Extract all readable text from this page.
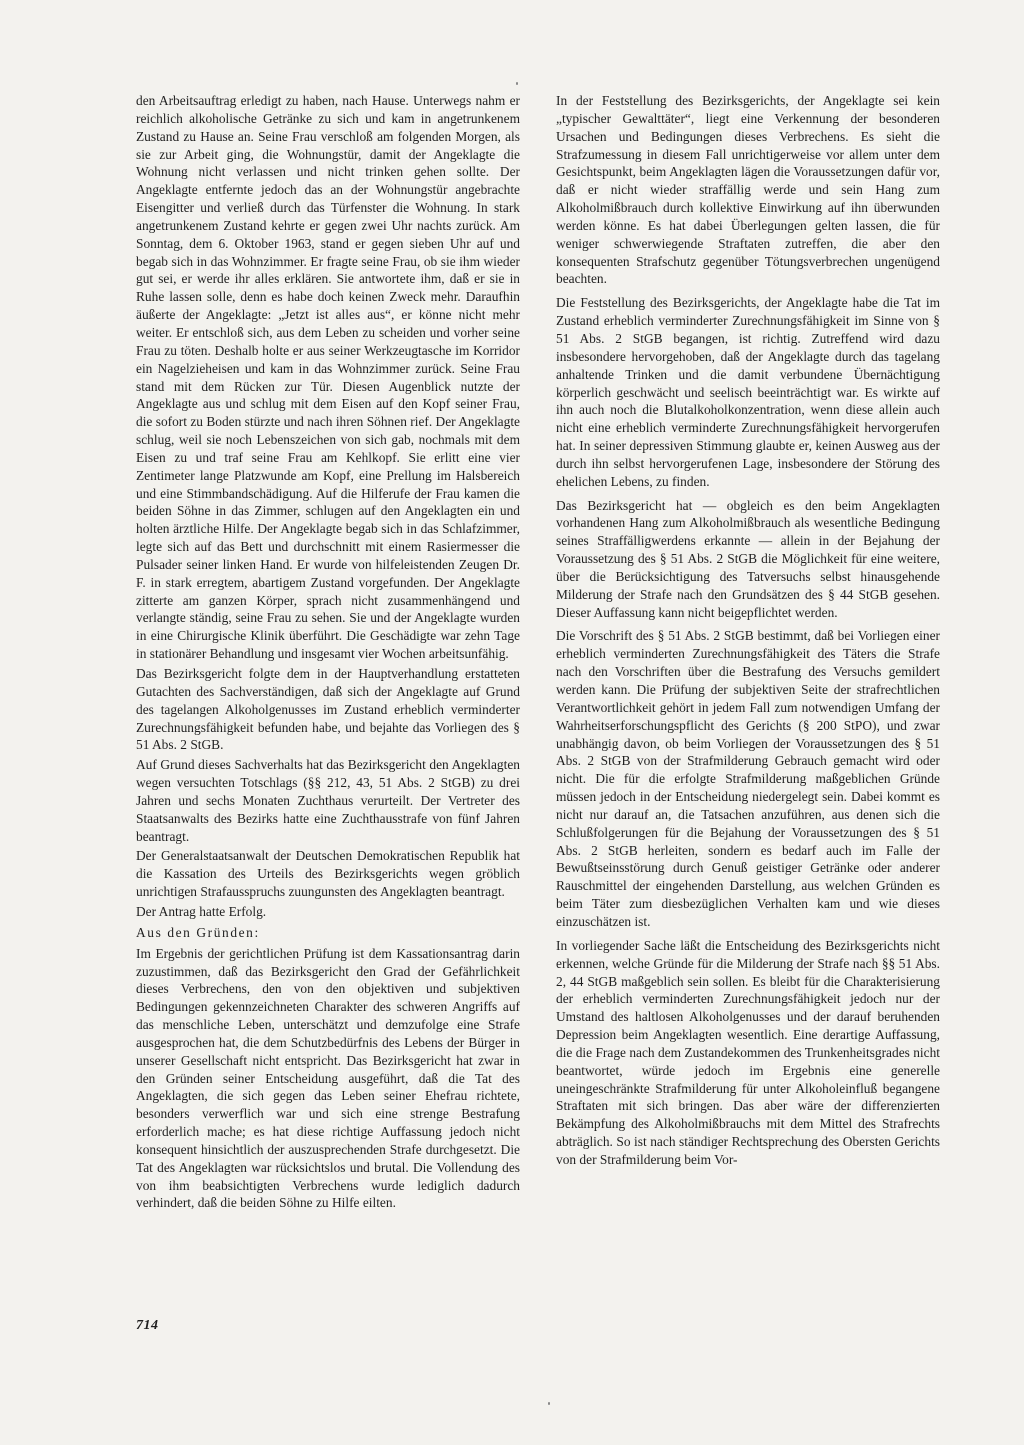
den Arbeitsauftrag erledigt zu haben, nach Hause. Unterwegs nahm er reichlich alkoholische Getränke zu sich und kam in angetrunkenem Zustand zu Hause an. Seine Frau verschloß am folgenden Morgen, als sie zur Arbeit ging, die Wohnungstür, damit der Angeklagte die Wohnung nicht verlassen und nicht trinken gehen sollte. Der Angeklagte entfernte jedoch das an der Wohnungstür angebrachte Eisengitter und verließ durch das Türfenster die Wohnung. In stark angetrunkenem Zustand kehrte er gegen zwei Uhr nachts zurück. Am Sonntag, dem 6. Oktober 1963, stand er gegen sieben Uhr auf und begab sich in das Wohnzimmer. Er fragte seine Frau, ob sie ihm wieder gut sei, er werde ihr alles erklären. Sie antwortete ihm, daß er sie in Ruhe lassen solle, denn es habe doch keinen Zweck mehr. Daraufhin äußerte der Angeklagte: „Jetzt ist alles aus“, er könne nicht mehr weiter. Er entschloß sich, aus dem Leben zu scheiden und vorher seine Frau zu töten. Deshalb holte er aus seiner Werkzeugtasche im Korridor ein Nagelzieheisen und kam in das Wohnzimmer zurück. Seine Frau stand mit dem Rücken zur Tür. Diesen Augenblick nutzte der Angeklagte aus und schlug mit dem Eisen auf den Kopf seiner Frau, die sofort zu Boden stürzte und nach ihren Söhnen rief. Der Angeklagte schlug, weil sie noch Lebenszeichen von sich gab, nochmals mit dem Eisen zu und traf seine Frau am Kehlkopf. Sie erlitt eine vier Zentimeter lange Platzwunde am Kopf, eine Prellung im Halsbereich und eine Stimmbandschädigung. Auf die Hilferufe der Frau kamen die beiden Söhne in das Zimmer, schlugen auf den Angeklagten ein und holten ärztliche Hilfe. Der Angeklagte begab sich in das Schlafzimmer, legte sich auf das Bett und durchschnitt mit einem Rasiermesser die Pulsader seiner linken Hand. Er wurde von hilfeleistenden Zeugen Dr. F. in stark erregtem, abartigem Zustand vorgefunden. Der Angeklagte zitterte am ganzen Körper, sprach nicht zusammenhängend und verlangte ständig, seine Frau zu sehen. Sie und der Angeklagte wurden in eine Chirurgische Klinik überführt. Die Geschädigte war zehn Tage in stationärer Behandlung und insgesamt vier Wochen arbeitsunfähig.

Das Bezirksgericht folgte dem in der Hauptverhandlung erstatteten Gutachten des Sachverständigen, daß sich der Angeklagte auf Grund des tagelangen Alkoholgenusses im Zustand erheblich verminderter Zurechnungsfähigkeit befunden habe, und bejahte das Vorliegen des § 51 Abs. 2 StGB.

Auf Grund dieses Sachverhalts hat das Bezirksgericht den Angeklagten wegen versuchten Totschlags (§§ 212, 43, 51 Abs. 2 StGB) zu drei Jahren und sechs Monaten Zuchthaus verurteilt. Der Vertreter des Staatsanwalts des Bezirks hatte eine Zuchthausstrafe von fünf Jahren beantragt.

Der Generalstaatsanwalt der Deutschen Demokratischen Republik hat die Kassation des Urteils des Bezirksgerichts wegen gröblich unrichtigen Strafausspruchs zuungunsten des Angeklagten beantragt.

Der Antrag hatte Erfolg.

Aus den Gründen:

Im Ergebnis der gerichtlichen Prüfung ist dem Kassationsantrag darin zuzustimmen, daß das Bezirksgericht den Grad der Gefährlichkeit dieses Verbrechens, den von den objektiven und subjektiven Bedingungen gekennzeichneten Charakter des schweren Angriffs auf das menschliche Leben, unterschätzt und demzufolge eine Strafe ausgesprochen hat, die dem Schutzbedürfnis des Lebens der Bürger in unserer Gesellschaft nicht entspricht. Das Bezirksgericht hat zwar in den Gründen seiner Entscheidung ausgeführt, daß die Tat des Angeklagten, die sich gegen das Leben seiner Ehefrau richtete, besonders verwerflich war und sich eine strenge Bestrafung erforderlich mache; es hat diese richtige Auffassung jedoch nicht konsequent hinsichtlich der auszusprechenden Strafe durchgesetzt. Die Tat des Angeklagten war rücksichtslos und brutal. Die Vollendung des von ihm beabsichtigten Verbrechens wurde lediglich dadurch verhindert, daß die beiden Söhne zu Hilfe eilten.

In der Feststellung des Bezirksgerichts, der Angeklagte sei kein „typischer Gewalttäter“, liegt eine Verkennung der besonderen Ursachen und Bedingungen dieses Verbrechens. Es sieht die Strafzumessung in diesem Fall unrichtigerweise vor allem unter dem Gesichtspunkt, beim Angeklagten lägen die Voraussetzungen dafür vor, daß er nicht wieder straffällig werde und sein Hang zum Alkoholmißbrauch durch kollektive Einwirkung auf ihn überwunden werden könne. Es hat dabei Überlegungen gelten lassen, die für weniger schwerwiegende Straftaten zutreffen, die aber den konsequenten Strafschutz gegenüber Tötungsverbrechen ungenügend beachten.

Die Feststellung des Bezirksgerichts, der Angeklagte habe die Tat im Zustand erheblich verminderter Zurechnungsfähigkeit im Sinne von § 51 Abs. 2 StGB begangen, ist richtig. Zutreffend wird dazu insbesondere hervorgehoben, daß der Angeklagte durch das tagelang anhaltende Trinken und die damit verbundene Übernächtigung körperlich geschwächt und seelisch beeinträchtigt war. Es wirkte auf ihn auch noch die Blutalkoholkonzentration, wenn diese allein auch nicht eine erheblich verminderte Zurechnungsfähigkeit hervorgerufen hat. In seiner depressiven Stimmung glaubte er, keinen Ausweg aus der durch ihn selbst hervorgerufenen Lage, insbesondere der Störung des ehelichen Lebens, zu finden.

Das Bezirksgericht hat — obgleich es den beim Angeklagten vorhandenen Hang zum Alkoholmißbrauch als wesentliche Bedingung seines Straffälligwerdens erkannte — allein in der Bejahung der Voraussetzung des § 51 Abs. 2 StGB die Möglichkeit für eine weitere, über die Berücksichtigung des Tatversuchs selbst hinausgehende Milderung der Strafe nach den Grundsätzen des § 44 StGB gesehen. Dieser Auffassung kann nicht beigepflichtet werden.

Die Vorschrift des § 51 Abs. 2 StGB bestimmt, daß bei Vorliegen einer erheblich verminderten Zurechnungsfähigkeit des Täters die Strafe nach den Vorschriften über die Bestrafung des Versuchs gemildert werden kann. Die Prüfung der subjektiven Seite der strafrechtlichen Verantwortlichkeit gehört in jedem Fall zum notwendigen Umfang der Wahrheitserforschungspflicht des Gerichts (§ 200 StPO), und zwar unabhängig davon, ob beim Vorliegen der Voraussetzungen des § 51 Abs. 2 StGB von der Strafmilderung Gebrauch gemacht wird oder nicht. Die für die erfolgte Strafmilderung maßgeblichen Gründe müssen jedoch in der Entscheidung niedergelegt sein. Dabei kommt es nicht nur darauf an, die Tatsachen anzuführen, aus denen sich die Schlußfolgerungen für die Bejahung der Voraussetzungen des § 51 Abs. 2 StGB herleiten, sondern es bedarf auch im Falle der Bewußtseinsstörung durch Genuß geistiger Getränke oder anderer Rauschmittel der eingehenden Darstellung, aus welchen Gründen es beim Täter zum diesbezüglichen Verhalten kam und wie dieses einzuschätzen ist.

In vorliegender Sache läßt die Entscheidung des Bezirksgerichts nicht erkennen, welche Gründe für die Milderung der Strafe nach §§ 51 Abs. 2, 44 StGB maßgeblich sein sollen. Es bleibt für die Charakterisierung der erheblich verminderten Zurechnungsfähigkeit jedoch nur der Umstand des haltlosen Alkoholgenusses und der darauf beruhenden Depression beim Angeklagten wesentlich. Eine derartige Auffassung, die die Frage nach dem Zustandekommen des Trunkenheitsgrades nicht beantwortet, würde jedoch im Ergebnis eine generelle uneingeschränkte Strafmilderung für unter Alkoholeinfluß begangene Straftaten mit sich bringen. Das aber wäre der differenzierten Bekämpfung des Alkoholmißbrauchs mit dem Mittel des Strafrechts abträglich. So ist nach ständiger Rechtsprechung des Obersten Gerichts von der Strafmilderung beim Vor-

714
